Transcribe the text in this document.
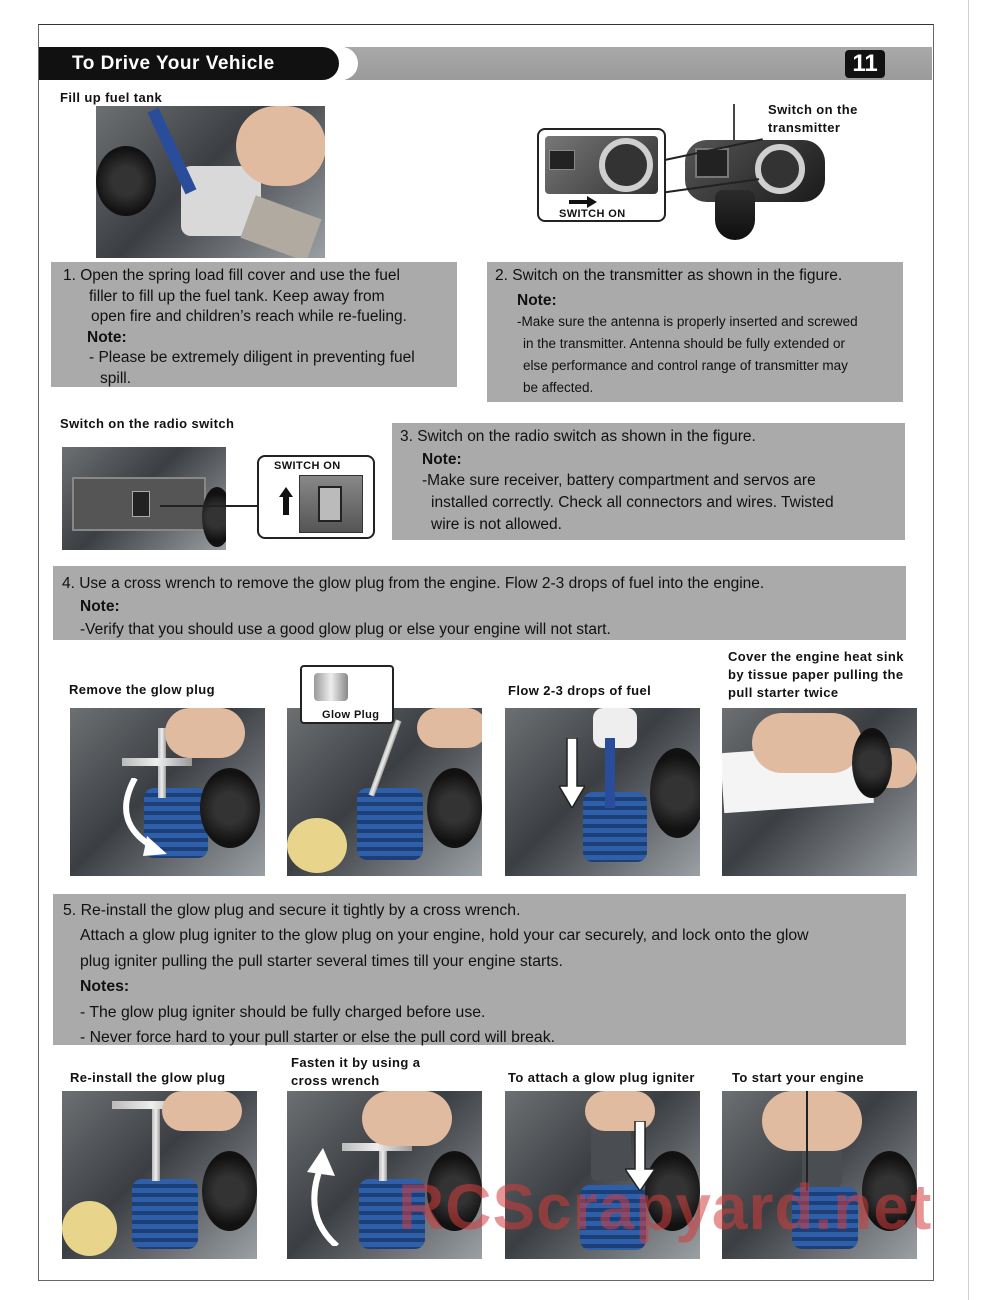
To Drive Your Vehicle	11
Fill up fuel tank

1. Open the spring load fill cover and use the fuel

filler to fill up the fuel tank. Keep away from

open fire and children’s reach while re-fueling.

Note:

- Please be extremely diligent in preventing fuel

spill.

Switch on the
transmitter
SWITCH ON

2. Switch on the transmitter as shown in the figure.

Note:

-Make sure the antenna is properly inserted and screwed

in the transmitter. Antenna should be fully extended or

else performance and control range of transmitter may

be affected.

Switch on the radio switch
SWITCH ON

3. Switch on the radio switch as shown in the figure.

Note:

-Make sure receiver, battery compartment and servos are

installed correctly. Check all connectors and wires. Twisted

wire is not allowed.

4. Use a cross wrench to remove the glow plug from the engine. Flow 2-3 drops of fuel into the engine.

Note:

-Verify that you should use a good glow plug or else your engine will not start.

Remove the glow plug	Flow 2-3 drops of fuel
Cover the engine heat sink
by tissue paper pulling the
pull starter twice
Glow Plug

5. Re-install the glow plug and secure it tightly by a cross wrench.

Attach a glow plug igniter to the glow plug on your engine, hold your car securely, and lock onto the glow

plug igniter pulling the pull starter several times till your engine starts.

Notes:

- The glow plug igniter should be fully charged before use.

- Never force hard to your pull starter or else the pull cord will break.

Re-install the glow plug
Fasten it by using a
cross wrench	To attach a glow plug igniter	To start your engine
RCScrapyard.net
